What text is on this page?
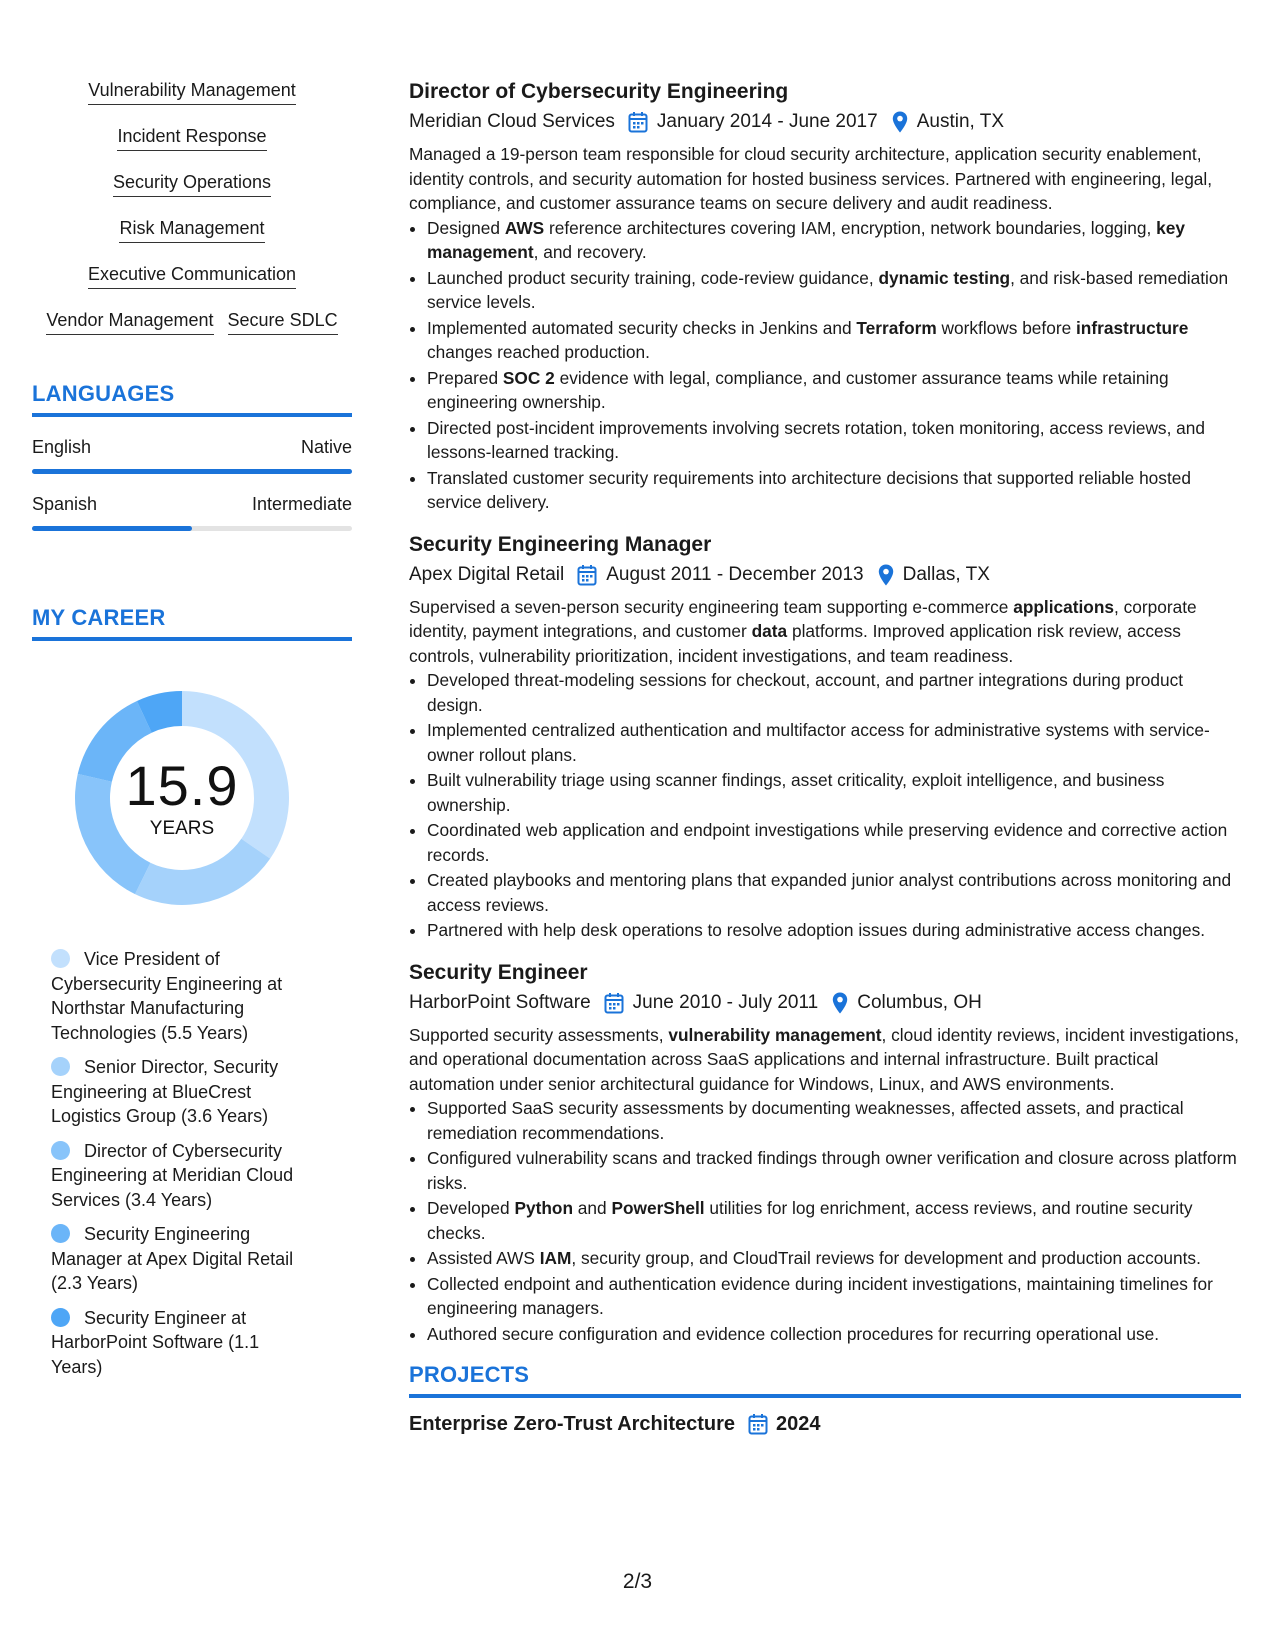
Vulnerability Management
Incident Response
Security Operations
Risk Management
Executive Communication
Vendor Management Secure SDLC
LANGUAGES
English	Native
Spanish	Intermediate
MY CAREER
15.9
YEARS
Vice President of Cybersecurity Engineering at Northstar Manufacturing Technologies (5.5 Years)
Senior Director, Security Engineering at BlueCrest Logistics Group (3.6 Years)
Director of Cybersecurity Engineering at Meridian Cloud Services (3.4 Years)
Security Engineering Manager at Apex Digital Retail (2.3 Years)
Security Engineer at HarborPoint Software (1.1 Years)
Director of Cybersecurity Engineering
Meridian Cloud Services January 2014 - June 2017 Austin, TX
Managed a 19-person team responsible for cloud security architecture, application security enablement, identity controls, and security automation for hosted business services. Partnered with engineering, legal, compliance, and customer assurance teams on secure delivery and audit readiness.
• Designed AWS reference architectures covering IAM, encryption, network boundaries, logging, key management, and recovery.
• Launched product security training, code-review guidance, dynamic testing, and risk-based remediation service levels.
• Implemented automated security checks in Jenkins and Terraform workflows before infrastructure changes reached production.
• Prepared SOC 2 evidence with legal, compliance, and customer assurance teams while retaining engineering ownership.
• Directed post-incident improvements involving secrets rotation, token monitoring, access reviews, and lessons-learned tracking.
• Translated customer security requirements into architecture decisions that supported reliable hosted service delivery.
Security Engineering Manager
Apex Digital Retail August 2011 - December 2013 Dallas, TX
Supervised a seven-person security engineering team supporting e-commerce applications, corporate identity, payment integrations, and customer data platforms. Improved application risk review, access controls, vulnerability prioritization, incident investigations, and team readiness.
• Developed threat-modeling sessions for checkout, account, and partner integrations during product design.
• Implemented centralized authentication and multifactor access for administrative systems with service-owner rollout plans.
• Built vulnerability triage using scanner findings, asset criticality, exploit intelligence, and business ownership.
• Coordinated web application and endpoint investigations while preserving evidence and corrective action records.
• Created playbooks and mentoring plans that expanded junior analyst contributions across monitoring and access reviews.
• Partnered with help desk operations to resolve adoption issues during administrative access changes.
Security Engineer
HarborPoint Software June 2010 - July 2011 Columbus, OH
Supported security assessments, vulnerability management, cloud identity reviews, incident investigations, and operational documentation across SaaS applications and internal infrastructure. Built practical automation under senior architectural guidance for Windows, Linux, and AWS environments.
• Supported SaaS security assessments by documenting weaknesses, affected assets, and practical remediation recommendations.
• Configured vulnerability scans and tracked findings through owner verification and closure across platform risks.
• Developed Python and PowerShell utilities for log enrichment, access reviews, and routine security checks.
• Assisted AWS IAM, security group, and CloudTrail reviews for development and production accounts.
• Collected endpoint and authentication evidence during incident investigations, maintaining timelines for engineering managers.
• Authored secure configuration and evidence collection procedures for recurring operational use.
PROJECTS
Enterprise Zero-Trust Architecture 2024
2/3
